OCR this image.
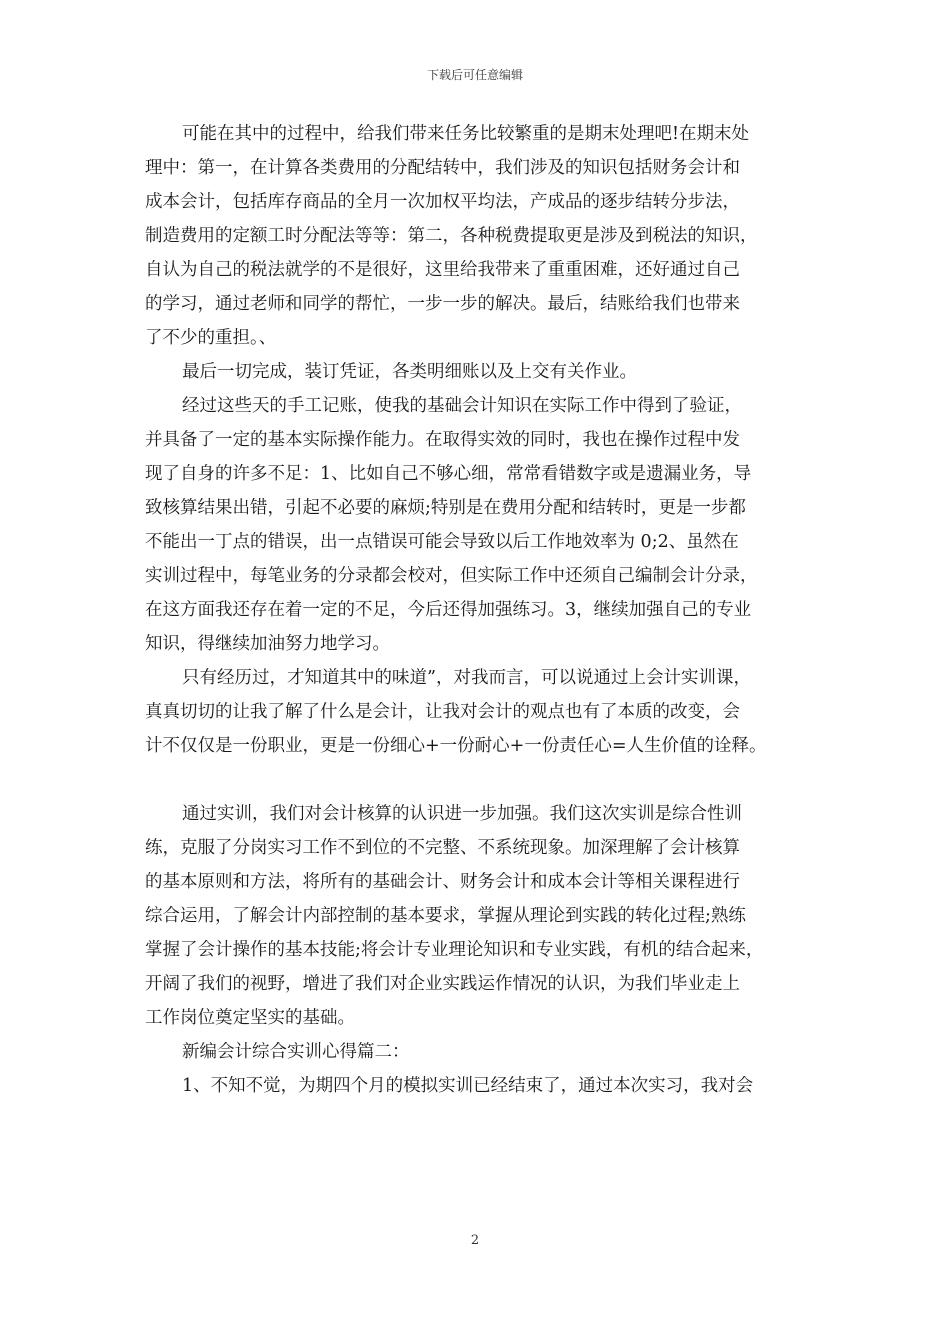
下载后可任意编辑
可能在其中的过程中，给我们带来任务比较繁重的是期末处理吧!在期末处
理中：第一，在计算各类费用的分配结转中，我们涉及的知识包括财务会计和
成本会计，包括库存商品的全月一次加权平均法，产成品的逐步结转分步法，
制造费用的定额工时分配法等等：第二，各种税费提取更是涉及到税法的知识，
自认为自己的税法就学的不是很好，这里给我带来了重重困难，还好通过自己
的学习，通过老师和同学的帮忙，一步一步的解决。最后，结账给我们也带来
了不少的重担。、
最后一切完成，装订凭证，各类明细账以及上交有关作业。
经过这些天的手工记账，使我的基础会计知识在实际工作中得到了验证，
并具备了一定的基本实际操作能力。在取得实效的同时，我也在操作过程中发
现了自身的许多不足：1、比如自己不够心细，常常看错数字或是遗漏业务，导
致核算结果出错，引起不必要的麻烦;特别是在费用分配和结转时，更是一步都
不能出一丁点的错误，出一点错误可能会导致以后工作地效率为 0;2、虽然在
实训过程中，每笔业务的分录都会校对，但实际工作中还须自己编制会计分录，
在这方面我还存在着一定的不足，今后还得加强练习。3，继续加强自己的专业
知识，得继续加油努力地学习。
只有经历过，才知道其中的味道”，对我而言，可以说通过上会计实训课，
真真切切的让我了解了什么是会计，让我对会计的观点也有了本质的改变，会
计不仅仅是一份职业，更是一份细心+一份耐心+一份责任心=人生价值的诠释。
通过实训，我们对会计核算的认识进一步加强。我们这次实训是综合性训
练，克服了分岗实习工作不到位的不完整、不系统现象。加深理解了会计核算
的基本原则和方法，将所有的基础会计、财务会计和成本会计等相关课程进行
综合运用，了解会计内部控制的基本要求，掌握从理论到实践的转化过程;熟练
掌握了会计操作的基本技能;将会计专业理论知识和专业实践，有机的结合起来，
开阔了我们的视野，增进了我们对企业实践运作情况的认识，为我们毕业走上
工作岗位奠定坚实的基础。
新编会计综合实训心得篇二：
1、不知不觉，为期四个月的模拟实训已经结束了，通过本次实习，我对会
2
